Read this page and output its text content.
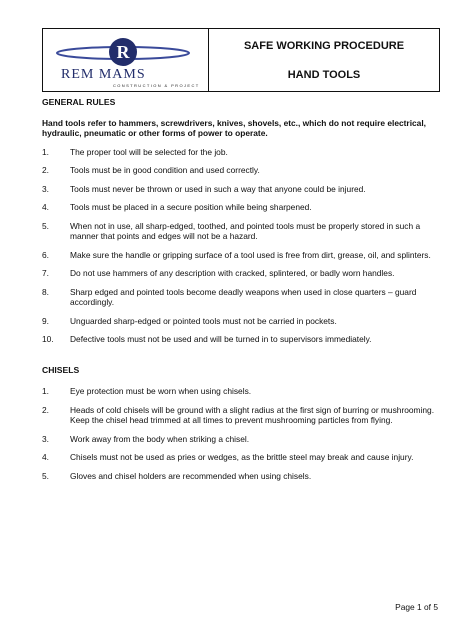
R
REM MAMS
CONSTRUCTION & PROJECT
SAFE WORKING PROCEDURE
HAND TOOLS
GENERAL RULES
Hand tools refer to hammers, screwdrivers, knives, shovels, etc., which do not require electrical, hydraulic, pneumatic or other forms of power to operate.
1.	The proper tool will be selected for the job.
2.	Tools must be in good condition and used correctly.
3.	Tools must never be thrown or used in such a way that anyone could be injured.
4.	Tools must be placed in a secure position while being sharpened.
5.	When not in use, all sharp-edged, toothed, and pointed tools must be properly stored in such a manner that points and edges will not be a hazard.
6.	Make sure the handle or gripping surface of a tool used is free from dirt, grease, oil, and splinters.
7.	Do not use hammers of any description with cracked, splintered, or badly worn handles.
8.	Sharp edged and pointed tools become deadly weapons when used in close quarters – guard accordingly.
9.	Unguarded sharp-edged or pointed tools must not be carried in pockets.
10.	Defective tools must not be used and will be turned in to supervisors immediately.
CHISELS
1.	Eye protection must be worn when using chisels.
2.	Heads of cold chisels will be ground with a slight radius at the first sign of burring or mushrooming. Keep the chisel head trimmed at all times to prevent mushrooming particles from flying.
3.	Work away from the body when striking a chisel.
4.	Chisels must not be used as pries or wedges, as the brittle steel may break and cause injury.
5.	Gloves and chisel holders are recommended when using chisels.
Page 1 of 5
